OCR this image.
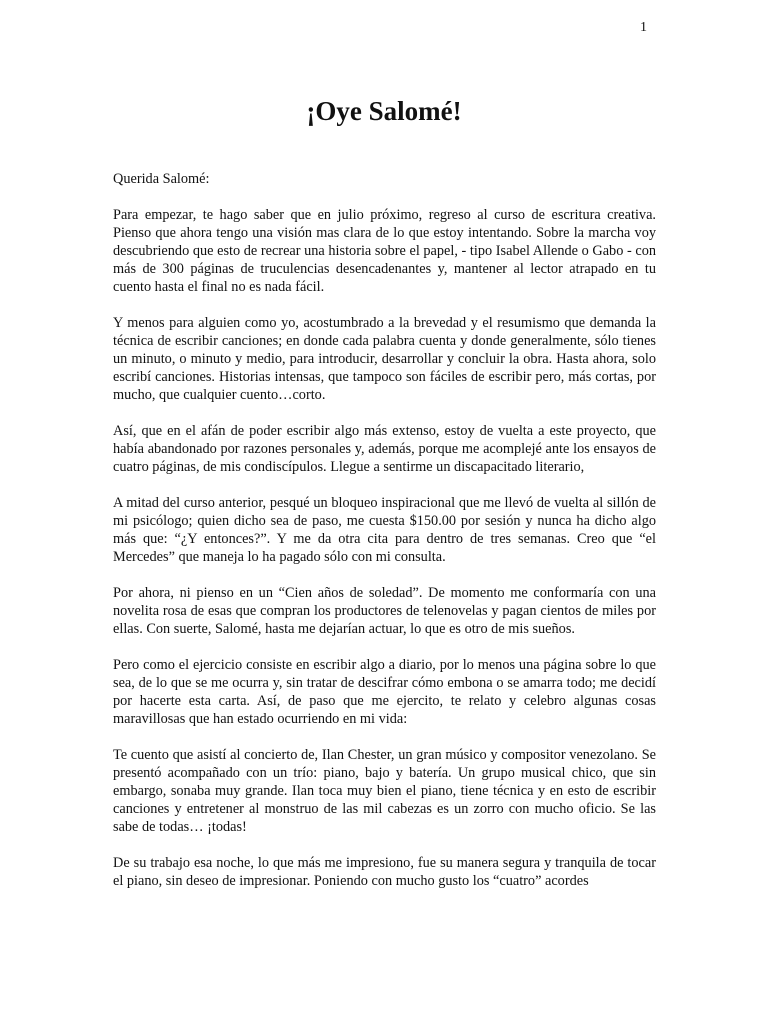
1
¡Oye Salomé!

Querida Salomé:

Para empezar, te hago saber que en julio próximo, regreso al curso de escritura creativa. Pienso que ahora tengo una visión mas clara de lo que estoy intentando. Sobre la marcha voy descubriendo que esto de recrear una historia sobre el papel, - tipo Isabel Allende o Gabo - con más de 300 páginas de truculencias desencadenantes y, mantener al lector atrapado en tu cuento hasta el final no es nada fácil.

Y menos para alguien como yo, acostumbrado a la brevedad y el resumismo que demanda la técnica de escribir canciones; en donde cada palabra cuenta y donde generalmente, sólo tienes un minuto, o minuto y medio, para introducir, desarrollar y concluir la obra. Hasta ahora, solo escribí canciones. Historias intensas, que tampoco son fáciles de escribir pero, más cortas, por mucho, que cualquier cuento…corto.

Así, que en el afán de poder escribir algo más extenso, estoy de vuelta a este proyecto, que había abandonado por razones personales y, además, porque me acomplejé ante los ensayos de cuatro páginas, de mis condiscípulos. Llegue a sentirme un discapacitado literario,

A mitad del curso anterior, pesqué un bloqueo inspiracional que me llevó de vuelta al sillón de mi psicólogo; quien dicho sea de paso, me cuesta $150.00 por sesión y nunca ha dicho algo más que: “¿Y entonces?”. Y me da otra cita para dentro de tres semanas. Creo que “el Mercedes” que maneja lo ha pagado sólo con mi consulta.

Por ahora, ni pienso en un “Cien años de soledad”. De momento me conformaría con una novelita rosa de esas que compran los productores de telenovelas y pagan cientos de miles por ellas. Con suerte, Salomé, hasta me dejarían actuar, lo que es otro de mis sueños.

Pero como el ejercicio consiste en escribir algo a diario, por lo menos una página sobre lo que sea, de lo que se me ocurra y, sin tratar de descifrar cómo embona o se amarra todo; me decidí por hacerte esta carta. Así, de paso que me ejercito, te relato y celebro algunas cosas maravillosas que han estado ocurriendo en mi vida:

Te cuento que asistí al concierto de, Ilan Chester, un gran músico y compositor venezolano. Se presentó acompañado con un trío: piano, bajo y batería. Un grupo musical chico, que sin embargo, sonaba muy grande. Ilan toca muy bien el piano, tiene técnica y en esto de escribir canciones y entretener al monstruo de las mil cabezas es un zorro con mucho oficio. Se las sabe de todas… ¡todas!

De su trabajo esa noche, lo que más me impresiono, fue su manera segura y tranquila de tocar el piano, sin deseo de impresionar. Poniendo con mucho gusto los “cuatro” acordes
